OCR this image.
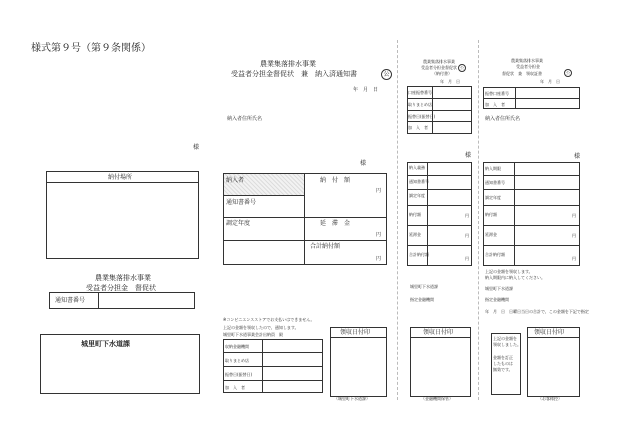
様式第９号（第９条関係）
農業集落排水事業
受益者分担金督促状　兼　納入済通知書	公
年　月　日
納入者住所氏名
様
様
納付場所
農業集落排水事業
受益者分担金　督促状
通知書番号
城里町下水道課
納入者
通知書番号
調定年度
納　付　額
円
延　滞　金
円
合計納付額
円
※コンビニエンスストアでお支払いはできません。
上記の金額を領収したので、通知します。
城里町下水道事業会計出納員　殿
収納金融機関
取りまとめ店
振替日(振替日)
加　入　者
領収日付印
（城里町下水道課）
領収日付印
（金融機関保管）
領収日付印
（お客様控）
上記の金額を
領収しました。
金額を訂正
したものは
無効です。
農業集落排水事業
受益者分担金督促状
（納付書）
公
年　月　日
口座振替番号
取りまとめ店
振替日(振替日)
加　入　者
様
納入義務
通知書番号
調定年度
納付額
延滞金
合計納付額
円
円
円
城里町下水道課
指定金融機関
農業集落排水事業
受益者分担金
督促状　兼　領収証書	公
年　月　日
振替口座番号
加　入　者
納入者住所氏名
様
納入期限
通知書番号
調定年度
納付額
延滞金
合計納付額
円
円
円
上記の金額を領収します。
納入期限内に納入してください。
城里町下水道課
指定金融機関
年　月　日　日曜日当日の合計で、この金額を下記で指定
